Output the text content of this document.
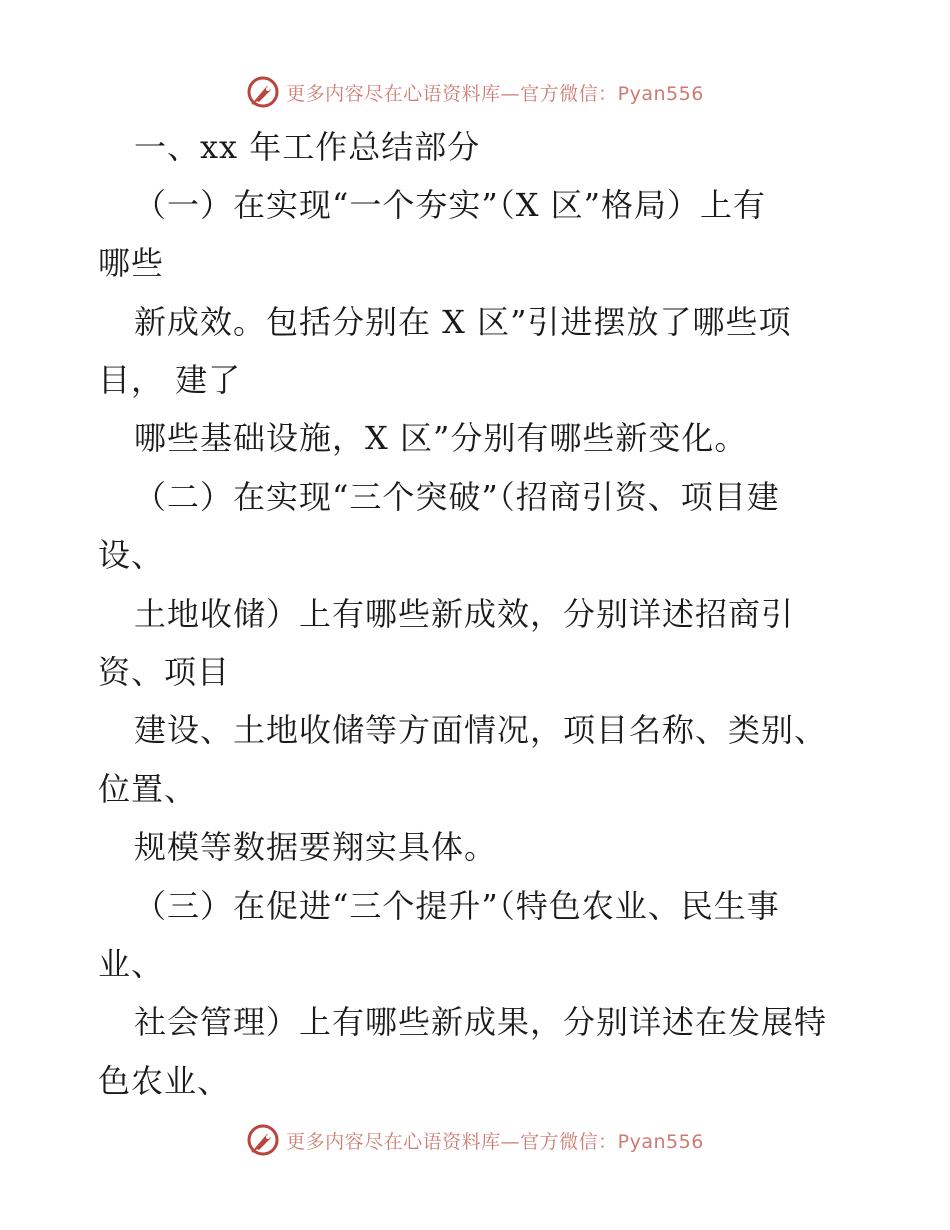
更多内容尽在心语资料库—官方微信：Pyan556
一、xx 年工作总结部分
（一）在实现“一个夯实”（X 区”格局）上有
哪些
新成效。包括分别在 X 区”引进摆放了哪些项
目， 建了
哪些基础设施，X 区”分别有哪些新变化。
（二）在实现“三个突破”（招商引资、项目建
设、
土地收储）上有哪些新成效，分别详述招商引
资、项目
建设、土地收储等方面情况，项目名称、类别、
位置、
规模等数据要翔实具体。
（三）在促进“三个提升”（特色农业、民生事
业、
社会管理）上有哪些新成果，分别详述在发展特
色农业、
更多内容尽在心语资料库—官方微信：Pyan556
